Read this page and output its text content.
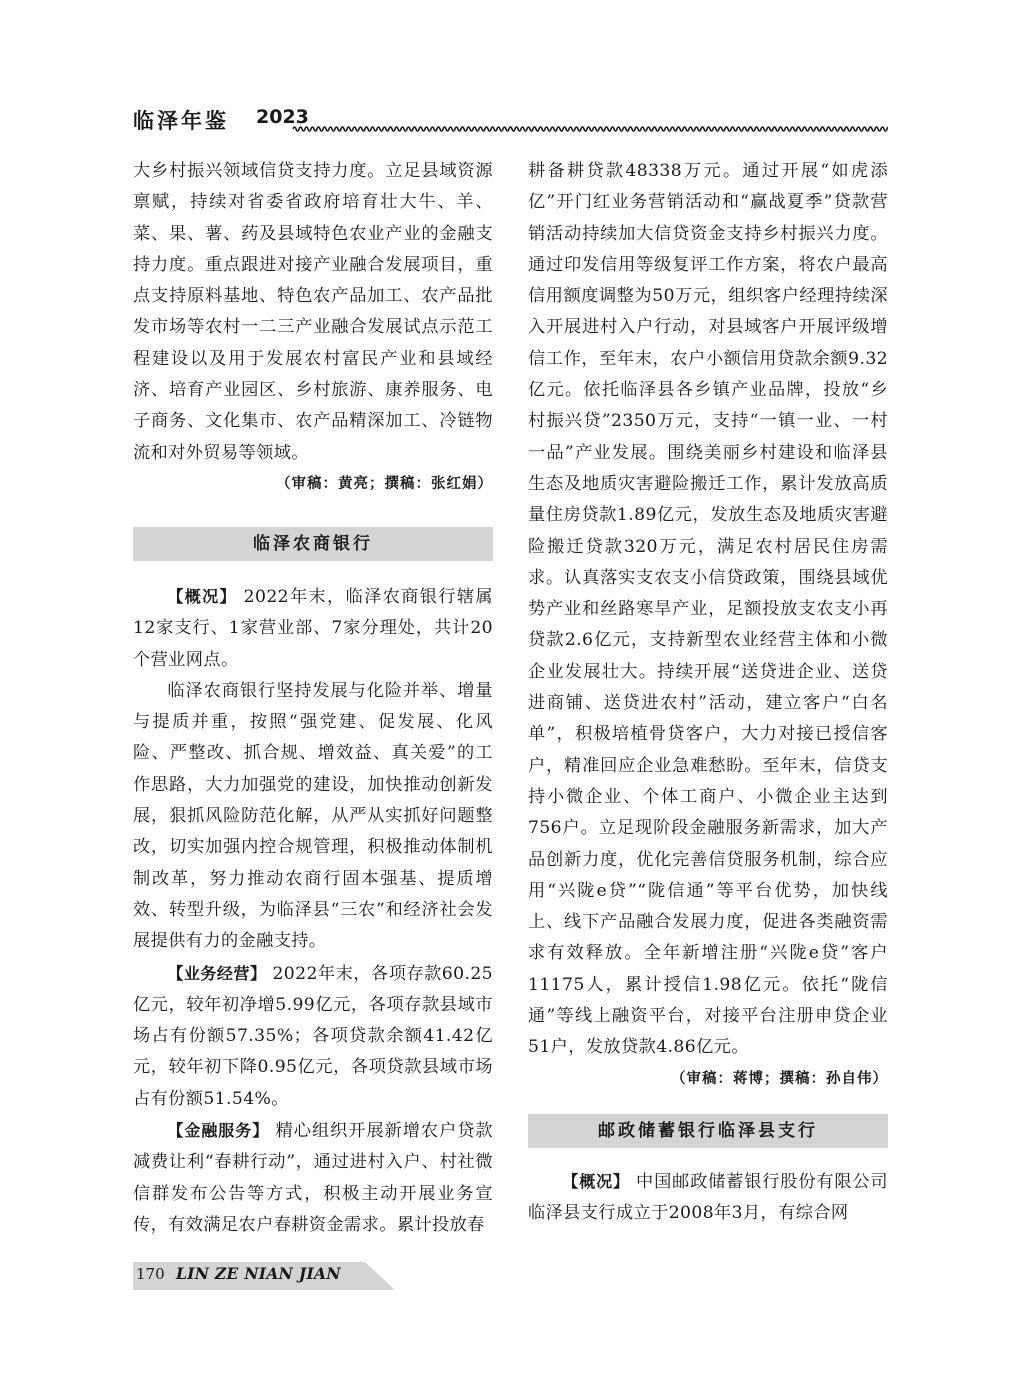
临泽年鉴 2023

大乡村振兴领域信贷支持力度。立足县域资源禀赋，持续对省委省政府培育壮大牛、羊、菜、果、薯、药及县域特色农业产业的金融支持力度。重点跟进对接产业融合发展项目，重点支持原料基地、特色农产品加工、农产品批发市场等农村一二三产业融合发展试点示范工程建设以及用于发展农村富民产业和县域经济、培育产业园区、乡村旅游、康养服务、电子商务、文化集市、农产品精深加工、冷链物流和对外贸易等领域。

（审稿：黄亮；撰稿：张红娟）

临泽农商银行

【概况】 2022年末，临泽农商银行辖属12家支行、1家营业部、7家分理处，共计20个营业网点。

临泽农商银行坚持发展与化险并举、增量与提质并重，按照“强党建、促发展、化风险、严整改、抓合规、增效益、真关爱”的工作思路，大力加强党的建设，加快推动创新发展，狠抓风险防范化解，从严从实抓好问题整改，切实加强内控合规管理，积极推动体制机制改革，努力推动农商行固本强基、提质增效、转型升级，为临泽县“三农”和经济社会发展提供有力的金融支持。

【业务经营】 2022年末，各项存款60.25亿元，较年初净增5.99亿元，各项存款县域市场占有份额57.35%；各项贷款余额41.42亿元，较年初下降0.95亿元，各项贷款县域市场占有份额51.54%。

【金融服务】 精心组织开展新增农户贷款减费让利“春耕行动”，通过进村入户、村社微信群发布公告等方式，积极主动开展业务宣传，有效满足农户春耕资金需求。累计投放春

耕备耕贷款48338万元。通过开展“如虎添亿”开门红业务营销活动和“赢战夏季”贷款营销活动持续加大信贷资金支持乡村振兴力度。通过印发信用等级复评工作方案，将农户最高信用额度调整为50万元，组织客户经理持续深入开展进村入户行动，对县域客户开展评级增信工作，至年末，农户小额信用贷款余额9.32亿元。依托临泽县各乡镇产业品牌，投放“乡村振兴贷”2350万元，支持“一镇一业、一村一品”产业发展。围绕美丽乡村建设和临泽县生态及地质灾害避险搬迁工作，累计发放高质量住房贷款1.89亿元，发放生态及地质灾害避险搬迁贷款320万元，满足农村居民住房需求。认真落实支农支小信贷政策，围绕县域优势产业和丝路寒旱产业，足额投放支农支小再贷款2.6亿元，支持新型农业经营主体和小微企业发展壮大。持续开展“送贷进企业、送贷进商铺、送贷进农村”活动，建立客户“白名单”，积极培植骨贷客户，大力对接已授信客户，精准回应企业急难愁盼。至年末，信贷支持小微企业、个体工商户、小微企业主达到756户。立足现阶段金融服务新需求，加大产品创新力度，优化完善信贷服务机制，综合应用“兴陇e贷”“陇信通”等平台优势，加快线上、线下产品融合发展力度，促进各类融资需求有效释放。全年新增注册“兴陇e贷”客户11175人，累计授信1.98亿元。依托“陇信通”等线上融资平台，对接平台注册申贷企业51户，发放贷款4.86亿元。

（审稿：蒋博；撰稿：孙自伟）

邮政储蓄银行临泽县支行

【概况】 中国邮政储蓄银行股份有限公司临泽县支行成立于2008年3月，有综合网

170 LIN ZE NIAN JIAN
